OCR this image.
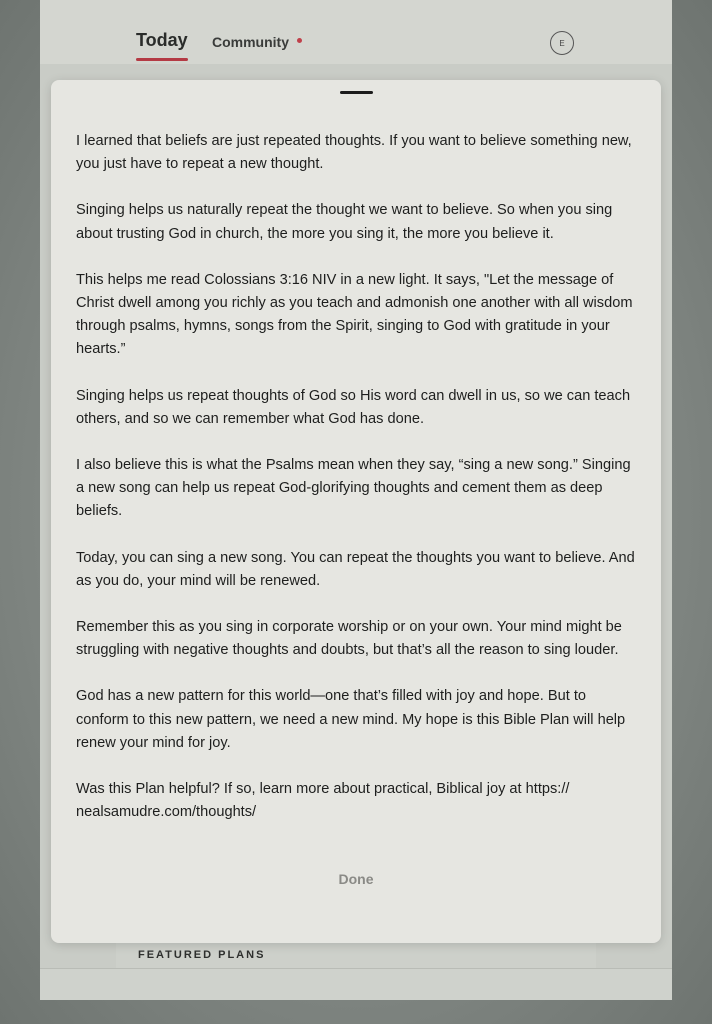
Today Community	E
FEATURED PLANS

I learned that beliefs are just repeated thoughts. If you want to believe something new, you just have to repeat a new thought.

Singing helps us naturally repeat the thought we want to believe. So when you sing about trusting God in church, the more you sing it, the more you believe it.

This helps me read Colossians 3:16 NIV in a new light. It says, "Let the message of Christ dwell among you richly as you teach and admonish one another with all wisdom through psalms, hymns, songs from the Spirit, singing to God with gratitude in your hearts.”

Singing helps us repeat thoughts of God so His word can dwell in us, so we can teach others, and so we can remember what God has done.

I also believe this is what the Psalms mean when they say, “sing a new song.” Singing a new song can help us repeat God-glorifying thoughts and cement them as deep beliefs.

Today, you can sing a new song. You can repeat the thoughts you want to believe. And as you do, your mind will be renewed.

Remember this as you sing in corporate worship or on your own. Your mind might be struggling with negative thoughts and doubts, but that’s all the reason to sing louder.

God has a new pattern for this world—one that’s filled with joy and hope. But to conform to this new pattern, we need a new mind. My hope is this Bible Plan will help renew your mind for joy.

Was this Plan helpful? If so, learn more about practical, Biblical joy at https:// nealsamudre.com/thoughts/

Done
